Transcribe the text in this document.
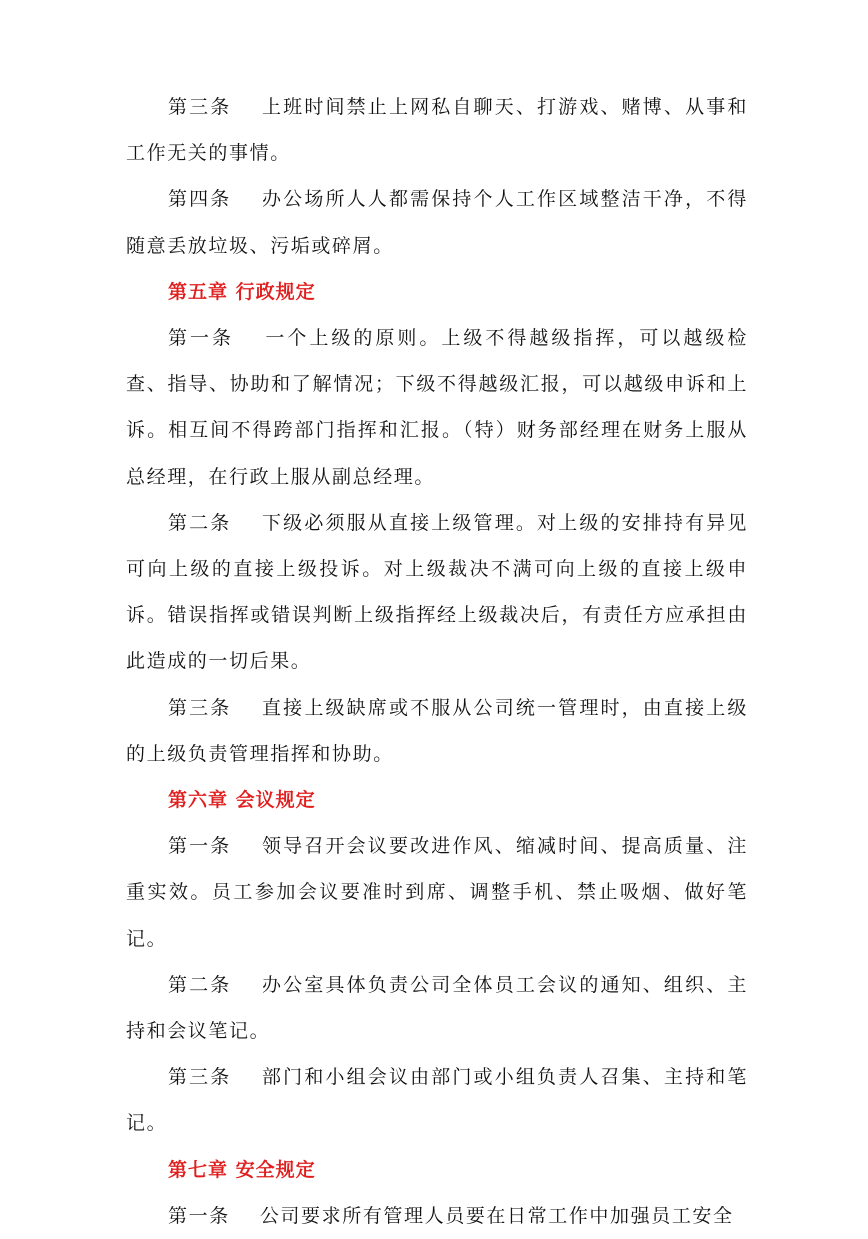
第三条 上班时间禁止上网私自聊天、打游戏、赌博、从事和工作无关的事情。

第四条 办公场所人人都需保持个人工作区域整洁干净，不得随意丢放垃圾、污垢或碎屑。

第五章 行政规定

第一条 一个上级的原则。上级不得越级指挥，可以越级检查、指导、协助和了解情况；下级不得越级汇报，可以越级申诉和上诉。相互间不得跨部门指挥和汇报。（特）财务部经理在财务上服从总经理，在行政上服从副总经理。

第二条 下级必须服从直接上级管理。对上级的安排持有异见可向上级的直接上级投诉。对上级裁决不满可向上级的直接上级申诉。错误指挥或错误判断上级指挥经上级裁决后，有责任方应承担由此造成的一切后果。

第三条 直接上级缺席或不服从公司统一管理时，由直接上级的上级负责管理指挥和协助。

第六章 会议规定

第一条 领导召开会议要改进作风、缩减时间、提高质量、注重实效。员工参加会议要准时到席、调整手机、禁止吸烟、做好笔记。

第二条 办公室具体负责公司全体员工会议的通知、组织、主持和会议笔记。

第三条 部门和小组会议由部门或小组负责人召集、主持和笔记。

第七章 安全规定

第一条 公司要求所有管理人员要在日常工作中加强员工安全
